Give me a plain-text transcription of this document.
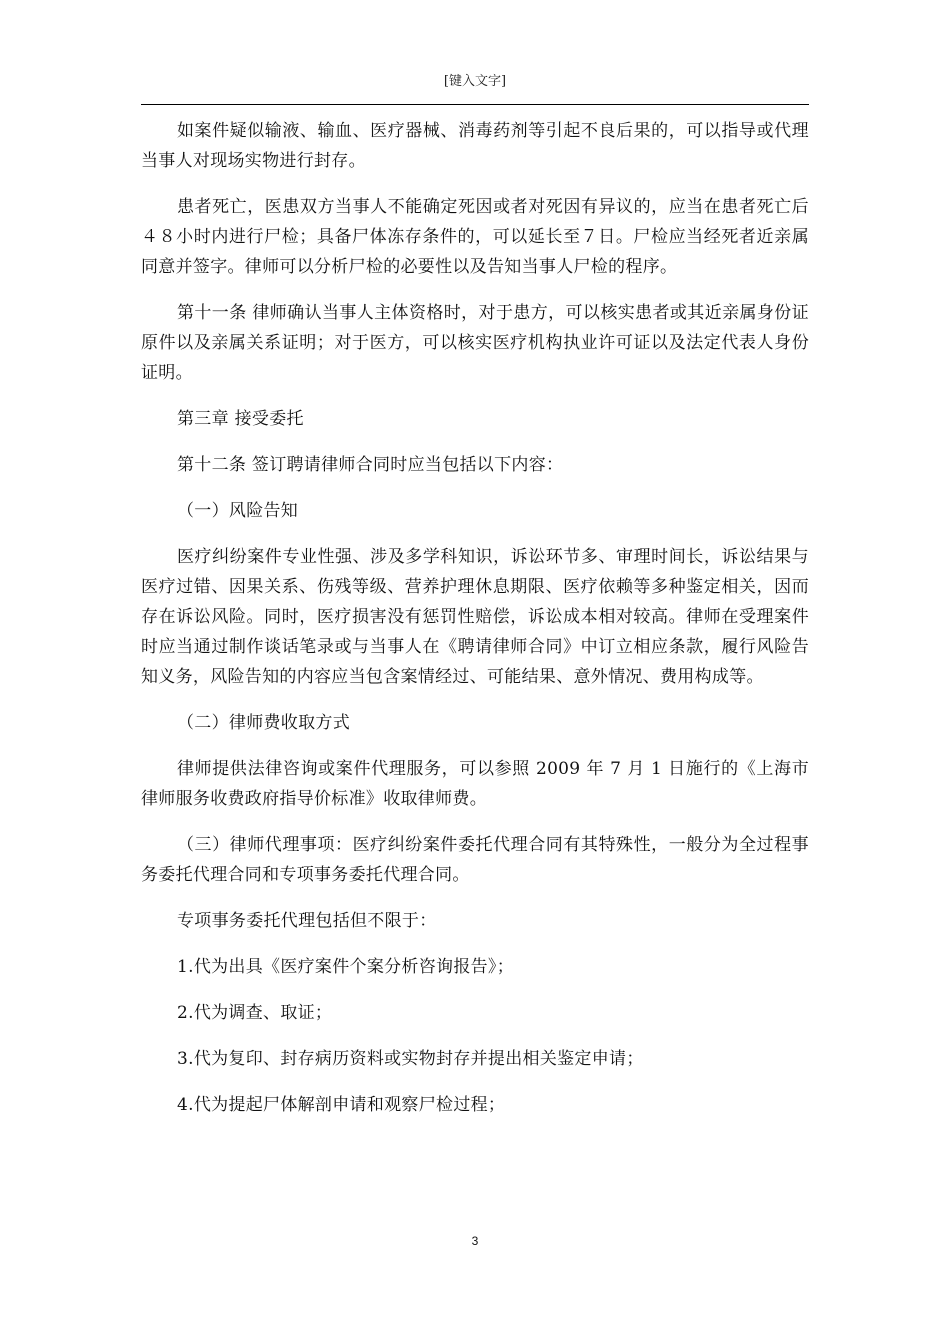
[键入文字]

如案件疑似输液、输血、医疗器械、消毒药剂等引起不良后果的，可以指导或代理当事人对现场实物进行封存。

患者死亡，医患双方当事人不能确定死因或者对死因有异议的，应当在患者死亡后４８小时内进行尸检；具备尸体冻存条件的，可以延长至７日。尸检应当经死者近亲属同意并签字。律师可以分析尸检的必要性以及告知当事人尸检的程序。

第十一条 律师确认当事人主体资格时，对于患方，可以核实患者或其近亲属身份证原件以及亲属关系证明；对于医方，可以核实医疗机构执业许可证以及法定代表人身份证明。

第三章 接受委托

第十二条 签订聘请律师合同时应当包括以下内容：

（一）风险告知

医疗纠纷案件专业性强、涉及多学科知识，诉讼环节多、审理时间长，诉讼结果与医疗过错、因果关系、伤残等级、营养护理休息期限、医疗依赖等多种鉴定相关，因而存在诉讼风险。同时，医疗损害没有惩罚性赔偿，诉讼成本相对较高。律师在受理案件时应当通过制作谈话笔录或与当事人在《聘请律师合同》中订立相应条款，履行风险告知义务，风险告知的内容应当包含案情经过、可能结果、意外情况、费用构成等。

（二）律师费收取方式

律师提供法律咨询或案件代理服务，可以参照 2009 年 7 月 1 日施行的《上海市律师服务收费政府指导价标准》收取律师费。

（三）律师代理事项：医疗纠纷案件委托代理合同有其特殊性，一般分为全过程事务委托代理合同和专项事务委托代理合同。

专项事务委托代理包括但不限于：

1.代为出具《医疗案件个案分析咨询报告》；

2.代为调查、取证；

3.代为复印、封存病历资料或实物封存并提出相关鉴定申请；

4.代为提起尸体解剖申请和观察尸检过程；

3
